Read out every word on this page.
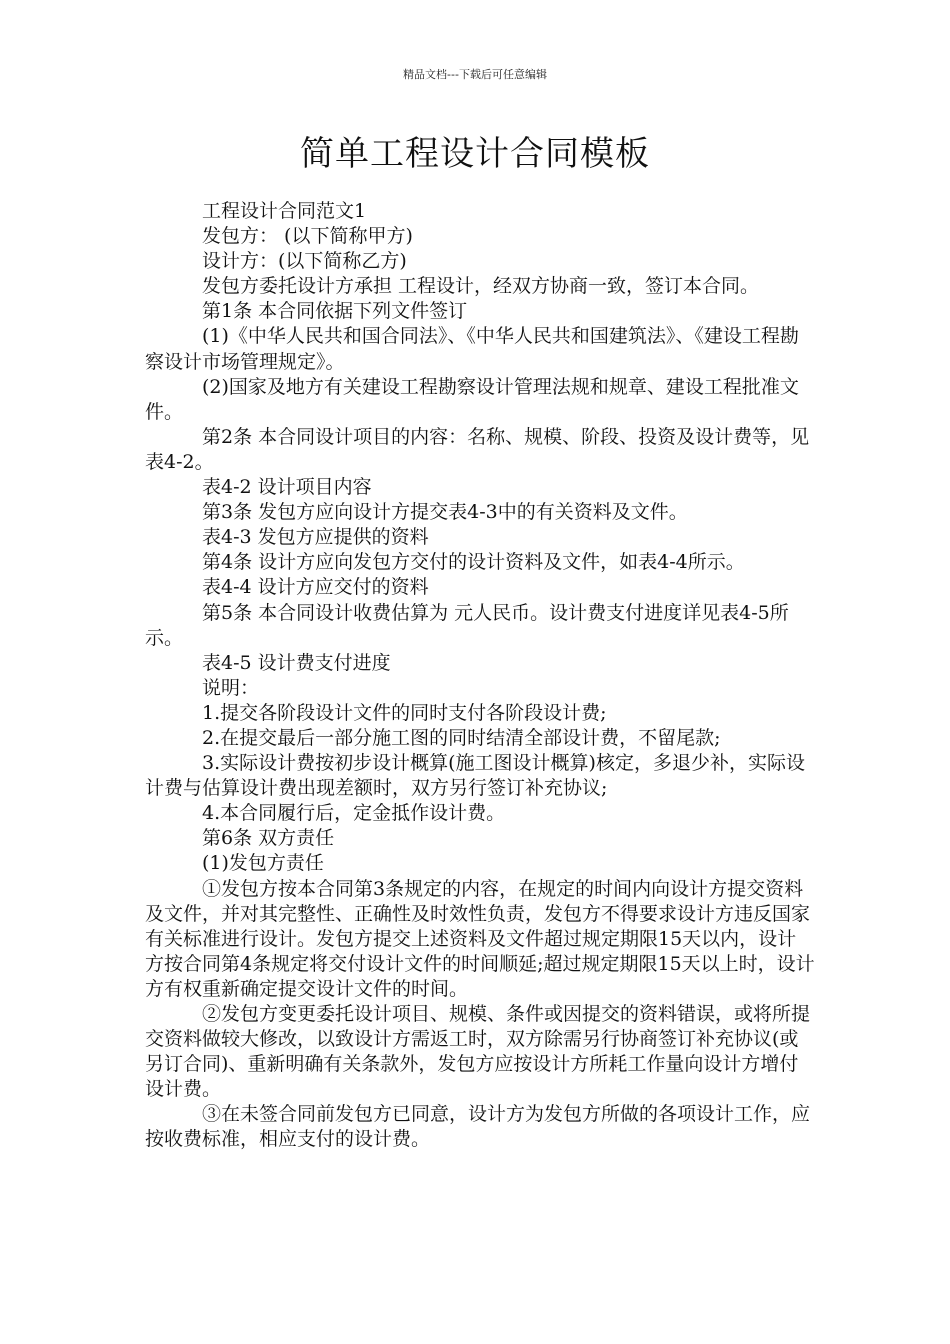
精品文档---下载后可任意编辑
简单工程设计合同模板

工程设计合同范文1

发包方： (以下简称甲方)

设计方：(以下简称乙方)

发包方委托设计方承担 工程设计，经双方协商一致，签订本合同。

第1条 本合同依据下列文件签订

(1)《中华人民共和国合同法》、《中华人民共和国建筑法》、《建设工程勘察设计市场管理规定》。

(2)国家及地方有关建设工程勘察设计管理法规和规章、建设工程批准文件。

第2条 本合同设计项目的内容：名称、规模、阶段、投资及设计费等，见表4-2。

表4-2 设计项目内容

第3条 发包方应向设计方提交表4-3中的有关资料及文件。

表4-3 发包方应提供的资料

第4条 设计方应向发包方交付的设计资料及文件，如表4-4所示。

表4-4 设计方应交付的资料

第5条 本合同设计收费估算为 元人民币。设计费支付进度详见表4-5所示。

表4-5 设计费支付进度

说明：

1.提交各阶段设计文件的同时支付各阶段设计费;

2.在提交最后一部分施工图的同时结清全部设计费，不留尾款;

3.实际设计费按初步设计概算(施工图设计概算)核定，多退少补，实际设计费与估算设计费出现差额时，双方另行签订补充协议;

4.本合同履行后，定金抵作设计费。

第6条 双方责任

(1)发包方责任

①发包方按本合同第3条规定的内容，在规定的时间内向设计方提交资料及文件，并对其完整性、正确性及时效性负责，发包方不得要求设计方违反国家有关标准进行设计。发包方提交上述资料及文件超过规定期限15天以内，设计方按合同第4条规定将交付设计文件的时间顺延;超过规定期限15天以上时，设计方有权重新确定提交设计文件的时间。

②发包方变更委托设计项目、规模、条件或因提交的资料错误，或将所提交资料做较大修改，以致设计方需返工时，双方除需另行协商签订补充协议(或另订合同)、重新明确有关条款外，发包方应按设计方所耗工作量向设计方增付设计费。

③在未签合同前发包方已同意，设计方为发包方所做的各项设计工作，应按收费标准，相应支付的设计费。
